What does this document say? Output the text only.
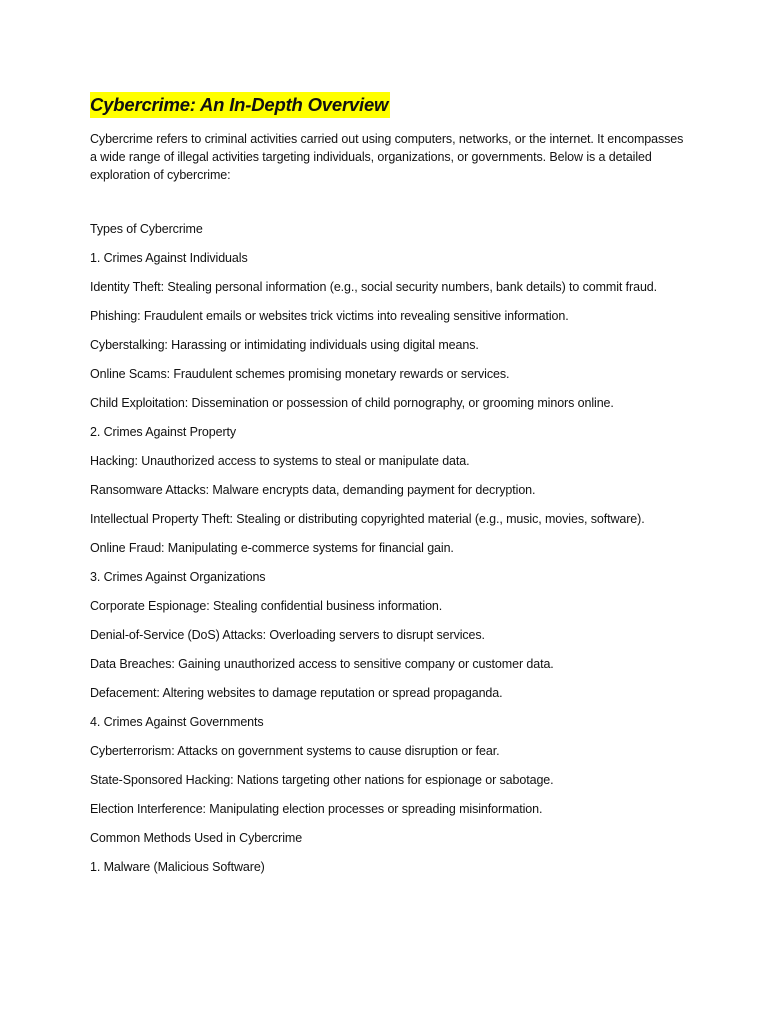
Cybercrime: An In-Depth Overview

Cybercrime refers to criminal activities carried out using computers, networks, or the internet. It encompasses a wide range of illegal activities targeting individuals, organizations, or governments. Below is a detailed exploration of cybercrime:

Types of Cybercrime

1. Crimes Against Individuals

Identity Theft: Stealing personal information (e.g., social security numbers, bank details) to commit fraud.

Phishing: Fraudulent emails or websites trick victims into revealing sensitive information.

Cyberstalking: Harassing or intimidating individuals using digital means.

Online Scams: Fraudulent schemes promising monetary rewards or services.

Child Exploitation: Dissemination or possession of child pornography, or grooming minors online.

2. Crimes Against Property

Hacking: Unauthorized access to systems to steal or manipulate data.

Ransomware Attacks: Malware encrypts data, demanding payment for decryption.

Intellectual Property Theft: Stealing or distributing copyrighted material (e.g., music, movies, software).

Online Fraud: Manipulating e-commerce systems for financial gain.

3. Crimes Against Organizations

Corporate Espionage: Stealing confidential business information.

Denial-of-Service (DoS) Attacks: Overloading servers to disrupt services.

Data Breaches: Gaining unauthorized access to sensitive company or customer data.

Defacement: Altering websites to damage reputation or spread propaganda.

4. Crimes Against Governments

Cyberterrorism: Attacks on government systems to cause disruption or fear.

State-Sponsored Hacking: Nations targeting other nations for espionage or sabotage.

Election Interference: Manipulating election processes or spreading misinformation.

Common Methods Used in Cybercrime

1. Malware (Malicious Software)
